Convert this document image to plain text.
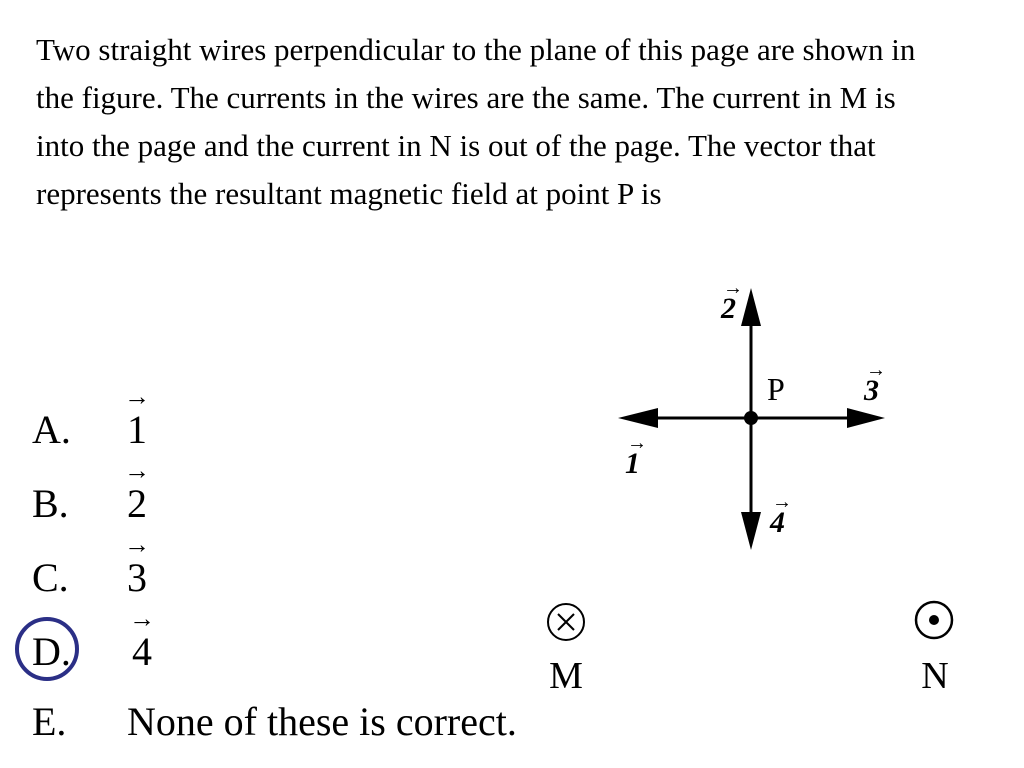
Two straight wires perpendicular to the plane of this page are shown in the figure. The currents in the wires are the same. The current in M is into the page and the current in N is out of the page. The vector that represents the resultant magnetic field at point P is

A. → 1
B. → 2
C. → 3
D. → 4
E. None of these is correct.
P
2
→
3
→
1
→
4
→
M	N
